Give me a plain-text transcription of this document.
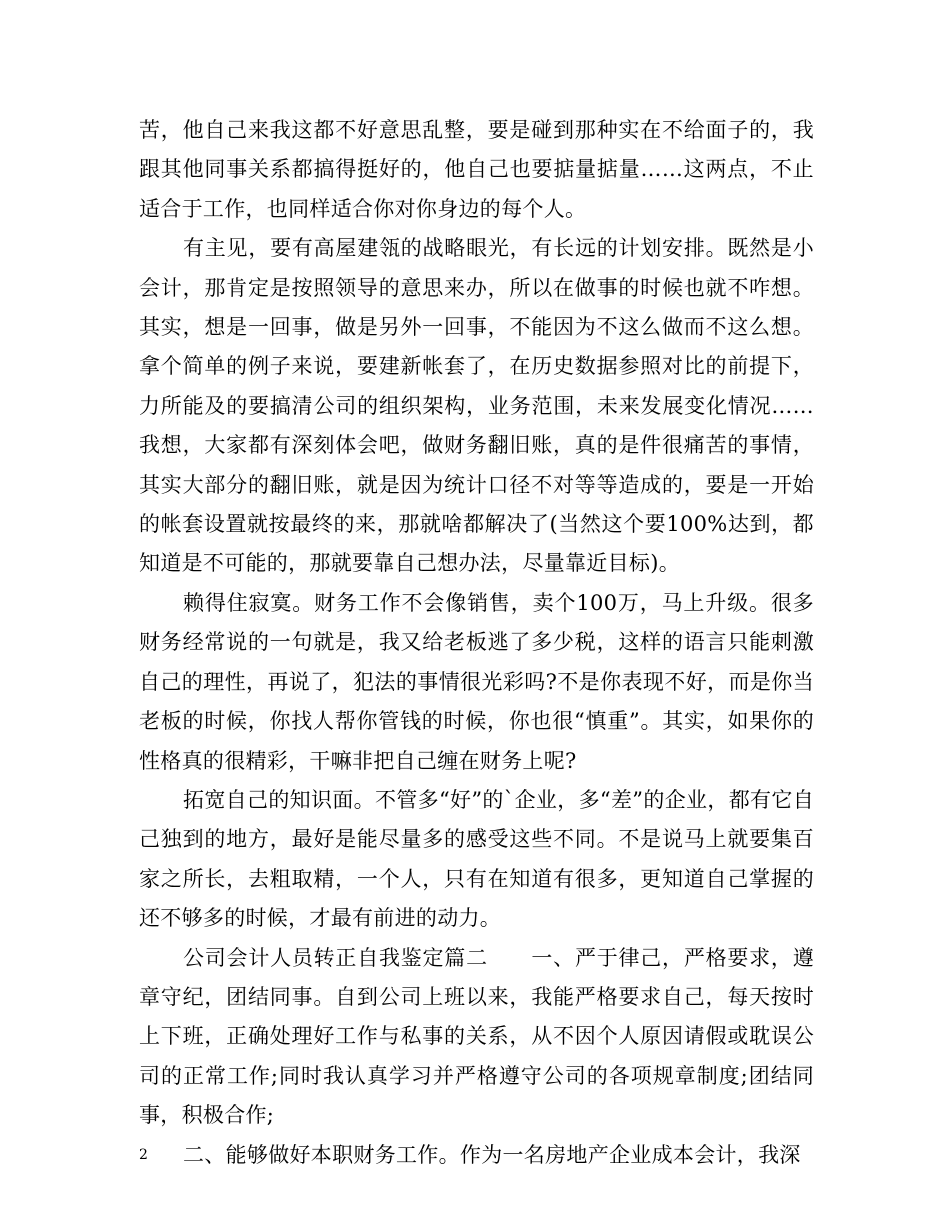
苦，他自己来我这都不好意思乱整，要是碰到那种实在不给面子的，我跟其他同事关系都搞得挺好的，他自己也要掂量掂量……这两点，不止适合于工作，也同样适合你对你身边的每个人。

有主见，要有高屋建瓴的战略眼光，有长远的计划安排。既然是小会计，那肯定是按照领导的意思来办，所以在做事的时候也就不咋想。其实，想是一回事，做是另外一回事，不能因为不这么做而不这么想。拿个简单的例子来说，要建新帐套了，在历史数据参照对比的前提下，力所能及的要搞清公司的组织架构，业务范围，未来发展变化情况……我想，大家都有深刻体会吧，做财务翻旧账，真的是件很痛苦的事情，其实大部分的翻旧账，就是因为统计口径不对等等造成的，要是一开始的帐套设置就按最终的来，那就啥都解决了(当然这个要100%达到，都知道是不可能的，那就要靠自己想办法，尽量靠近目标)。

赖得住寂寞。财务工作不会像销售，卖个100万，马上升级。很多财务经常说的一句就是，我又给老板逃了多少税，这样的语言只能刺激自己的理性，再说了，犯法的事情很光彩吗?不是你表现不好，而是你当老板的时候，你找人帮你管钱的时候，你也很“慎重”。其实，如果你的性格真的很精彩，干嘛非把自己缠在财务上呢?

拓宽自己的知识面。不管多“好”的`企业，多“差”的企业，都有它自己独到的地方，最好是能尽量多的感受这些不同。不是说马上就要集百家之所长，去粗取精，一个人，只有在知道有很多，更知道自己掌握的还不够多的时候，才最有前进的动力。

公司会计人员转正自我鉴定篇二　　一、严于律己，严格要求，遵章守纪，团结同事。自到公司上班以来，我能严格要求自己，每天按时上下班，正确处理好工作与私事的关系，从不因个人原因请假或耽误公司的正常工作;同时我认真学习并严格遵守公司的各项规章制度;团结同事，积极合作;

二、能够做好本职财务工作。作为一名房地产企业成本会计，我深

2
